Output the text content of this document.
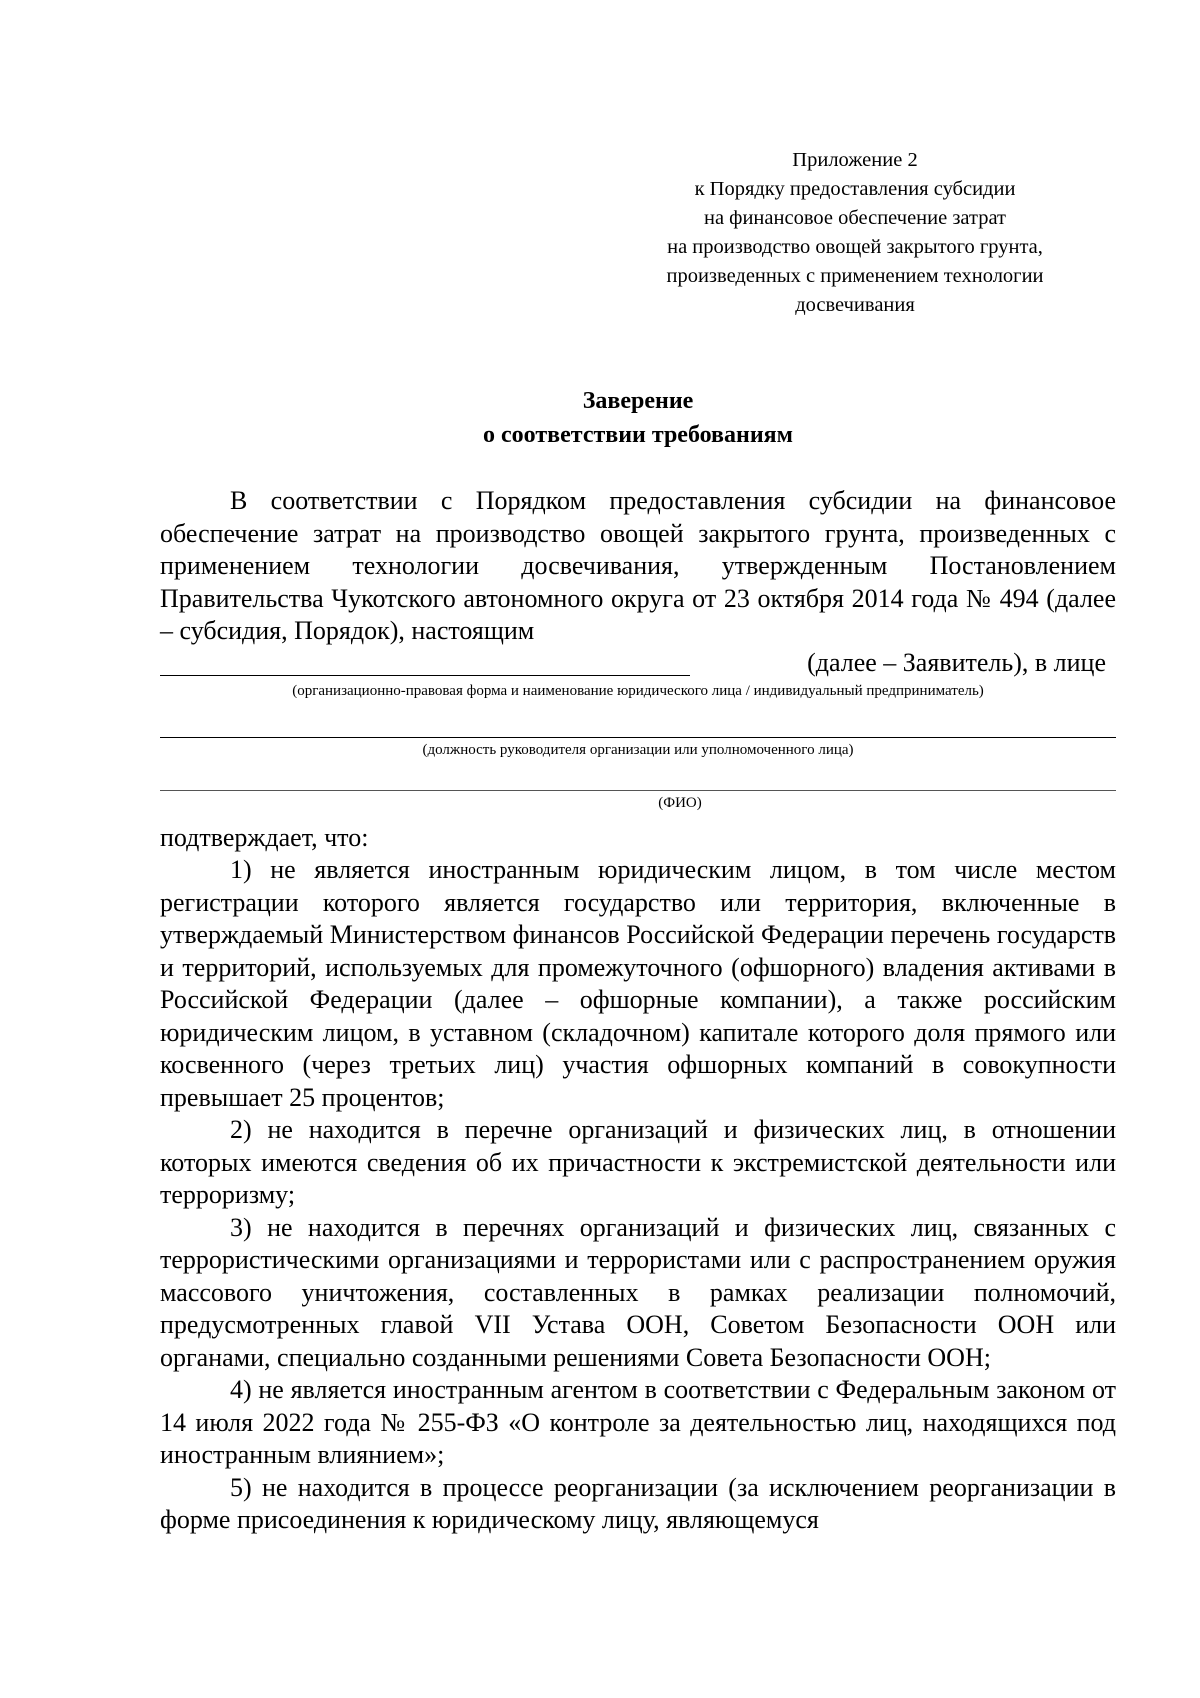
Приложение 2
к Порядку предоставления субсидии
на финансовое обеспечение затрат
на производство овощей закрытого грунта,
произведенных с применением технологии
досвечивания
Заверение
о соответствии требованиям

В соответствии с Порядком предоставления субсидии на финансовое обеспечение затрат на производство овощей закрытого грунта, произведенных с применением технологии досвечивания, утвержденным Постановлением Правительства Чукотского автономного округа от 23 октября 2014 года № 494 (далее – субсидия, Порядок), настоящим

(далее – Заявитель), в лице
(организационно-правовая форма и наименование юридического лица / индивидуальный предприниматель)
(должность руководителя организации или уполномоченного лица)
(ФИО)
подтверждает, что:

1) не является иностранным юридическим лицом, в том числе местом регистрации которого является государство или территория, включенные в утверждаемый Министерством финансов Российской Федерации перечень государств и территорий, используемых для промежуточного (офшорного) владения активами в Российской Федерации (далее – офшорные компании), а также российским юридическим лицом, в уставном (складочном) капитале которого доля прямого или косвенного (через третьих лиц) участия офшорных компаний в совокупности превышает 25 процентов;

2) не находится в перечне организаций и физических лиц, в отношении которых имеются сведения об их причастности к экстремистской деятельности или терроризму;

3) не находится в перечнях организаций и физических лиц, связанных с террористическими организациями и террористами или с распространением оружия массового уничтожения, составленных в рамках реализации полномочий, предусмотренных главой VII Устава ООН, Советом Безопасности ООН или органами, специально созданными решениями Совета Безопасности ООН;

4) не является иностранным агентом в соответствии с Федеральным законом от 14 июля 2022 года № 255-ФЗ «О контроле за деятельностью лиц, находящихся под иностранным влиянием»;

5) не находится в процессе реорганизации (за исключением реорганизации в форме присоединения к юридическому лицу, являющемуся
